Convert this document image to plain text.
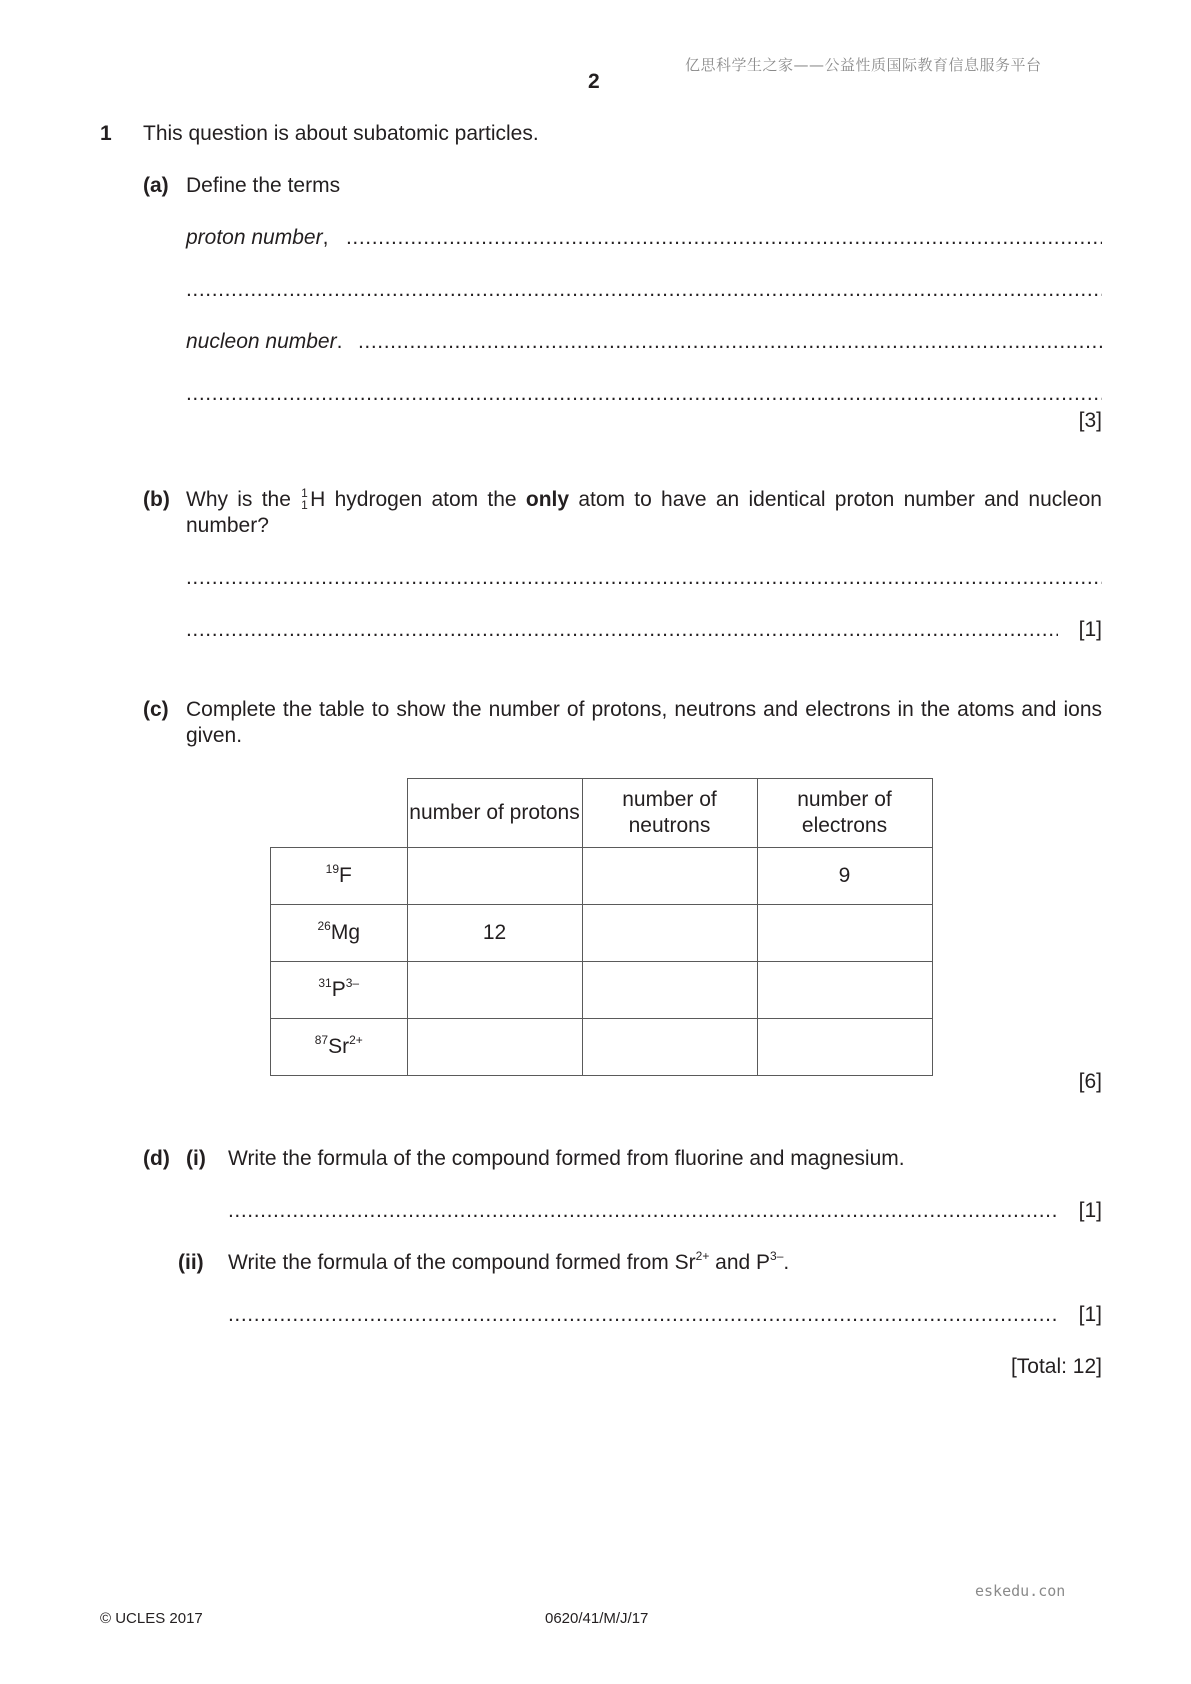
亿思科学生之家——公益性质国际教育信息服务平台
2
1 This question is about subatomic particles.
(a) Define the terms
proton number,
.....
.....
nucleon number.
.....
.....
[3]
(b) Why is the 1
1 H hydrogen atom the only atom to have an identical proton number and nucleon number?
.....
.....
[1]
(c) Complete the table to show the number of protons, neutrons and electrons in the atoms and ions given.
	number of protons	number of neutrons	number of electrons
$^{19}$F			9
$^{26}$Mg	12		
$^{31}P^{3-}$			
$^{87}Sr^{2+}$			
[6]
(d) (i) Write the formula of the compound formed from fluorine and magnesium.
.....
[1]
(ii) Write the formula of the compound formed from $Sr^{2+}$ and $P^{3-}$.
.....
[1]
[Total: 12]
eskedu.con
© UCLES 2017	0620/41/M/J/17
